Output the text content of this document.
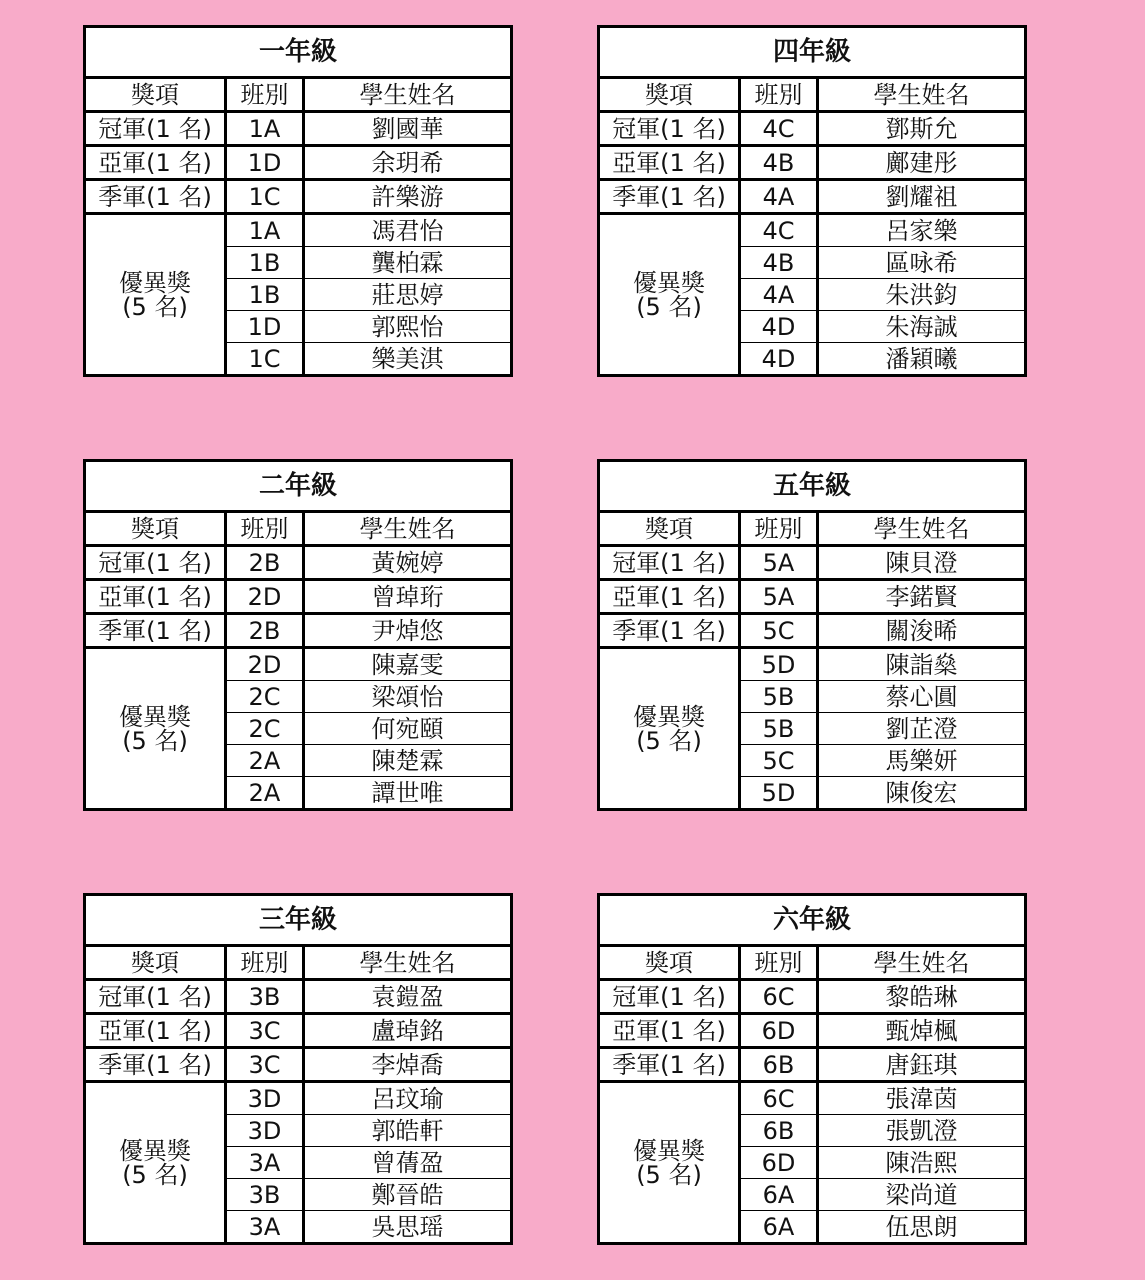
一年級		
獎項	班別	學生姓名
冠軍(1 名)	1A	劉國華
亞軍(1 名)	1D	余玥希
季軍(1 名)	1C	許樂游

優異獎
(5 名)	1A	馮君怡
	1B	龔柏霖
	1B	莊思婷
	1D	郭熙怡
	1C	樂美淇
四年級		
獎項	班別	學生姓名
冠軍(1 名)	4C	鄧斯允
亞軍(1 名)	4B	鄺建彤
季軍(1 名)	4A	劉耀祖

優異獎
(5 名)	4C	呂家樂
	4B	區咏希
	4A	朱洪鈞
	4D	朱海誠
	4D	潘穎曦
二年級		
獎項	班別	學生姓名
冠軍(1 名)	2B	黃婉婷
亞軍(1 名)	2D	曾琸珩
季軍(1 名)	2B	尹焯悠

優異獎
(5 名)	2D	陳嘉雯
	2C	梁頌怡
	2C	何宛頤
	2A	陳楚霖
	2A	譚世唯
五年級		
獎項	班別	學生姓名
冠軍(1 名)	5A	陳貝澄
亞軍(1 名)	5A	李鍩賢
季軍(1 名)	5C	關浚晞

優異獎
(5 名)	5D	陳詣燊
	5B	蔡心圓
	5B	劉芷澄
	5C	馬樂妍
	5D	陳俊宏
三年級		
獎項	班別	學生姓名
冠軍(1 名)	3B	袁鎧盈
亞軍(1 名)	3C	盧琸銘
季軍(1 名)	3C	李焯喬

優異獎
(5 名)	3D	呂玟瑜
	3D	郭皓軒
	3A	曾蒨盈
	3B	鄭晉皓
	3A	吳思瑶
六年級		
獎項	班別	學生姓名
冠軍(1 名)	6C	黎皓琳
亞軍(1 名)	6D	甄焯楓
季軍(1 名)	6B	唐鈺琪

優異獎
(5 名)	6C	張湋茵
	6B	張凱澄
	6D	陳浩熙
	6A	梁尚道
	6A	伍思朗
